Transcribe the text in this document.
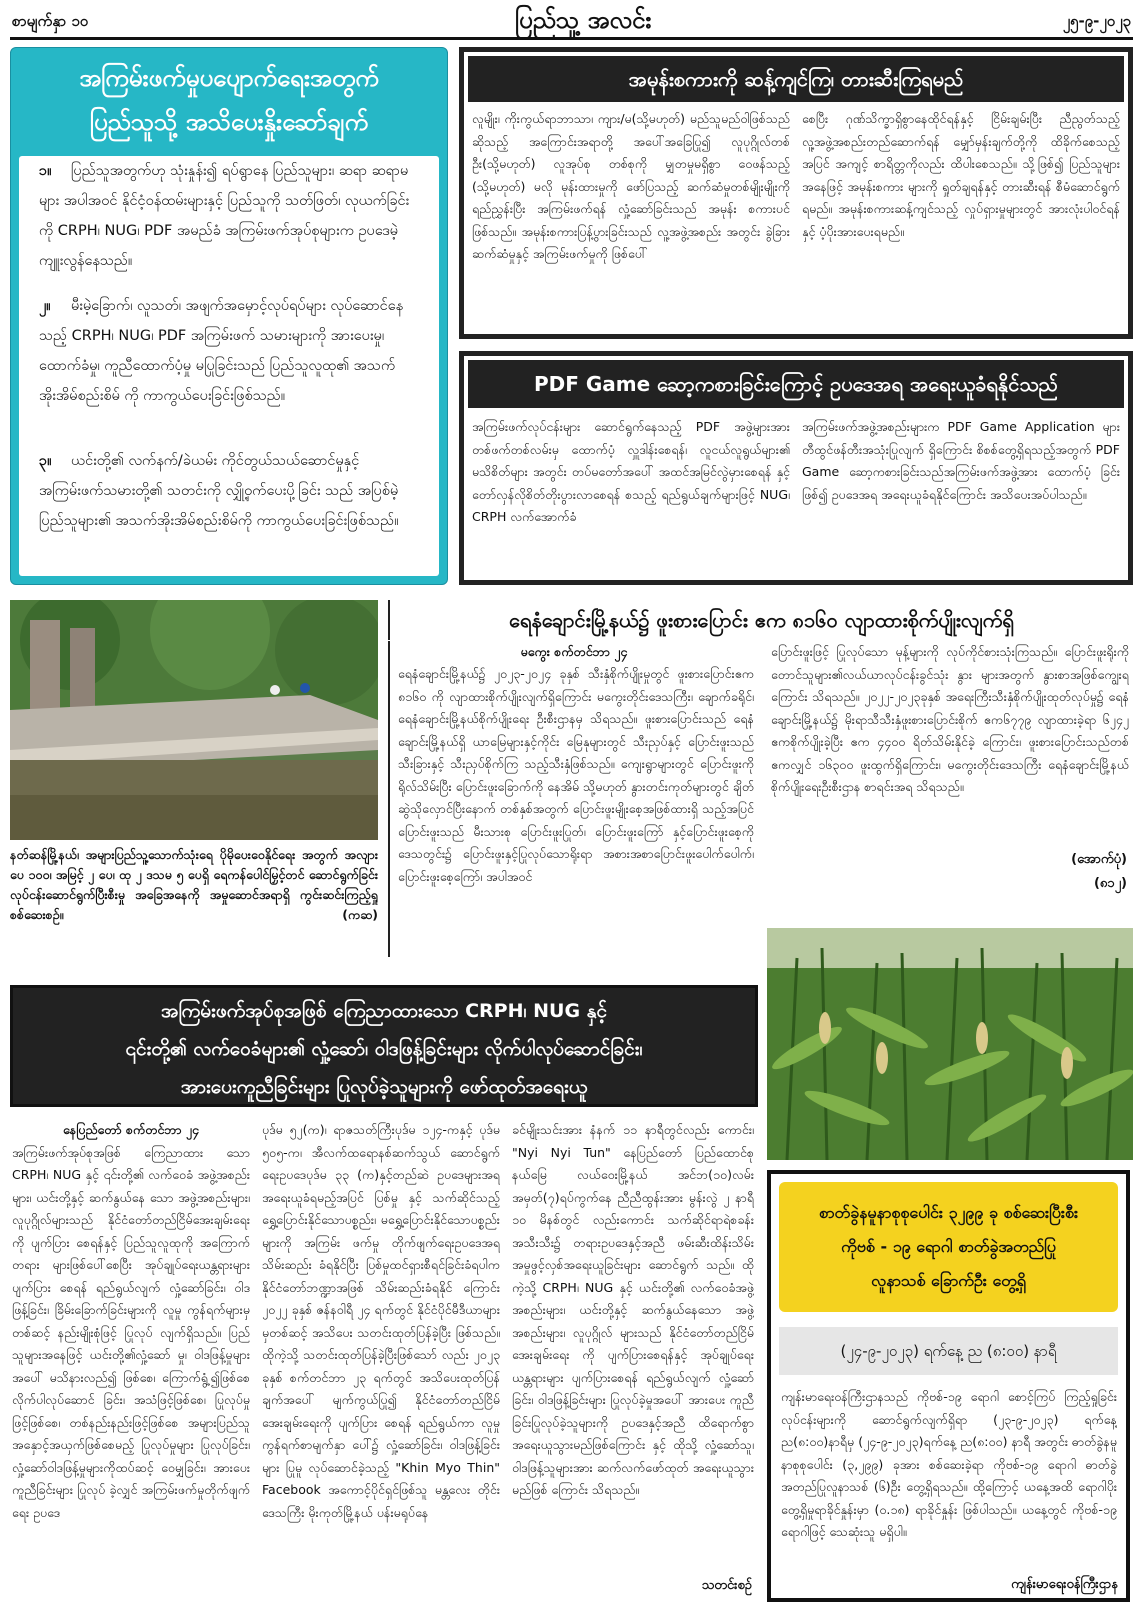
စာမျက်နှာ ၁၀	ပြည်သူ့ အလင်း	၂၅-၉-၂၀၂၃
အကြမ်းဖက်မှုပပျောက်ရေးအတွက်
ပြည်သူသို့ အသိပေးနှိုးဆော်ချက်
၁။ ပြည်သူအတွက်ဟု သုံးနှုန်း၍ ရပ်ရွာနေ ပြည်သူများ၊ ဆရာ ဆရာမများ အပါအဝင် နိုင်ငံ့ဝန်ထမ်းများနှင့် ပြည်သူကို သတ်ဖြတ်၊ လုယက်ခြင်းကို CRPH၊ NUG၊ PDF အမည်ခံ အကြမ်းဖက်အုပ်စုများက ဥပဒေမဲ့ကျူးလွန်နေသည်။
၂။ မီးမဲ့ခြောက်၊ လူသတ်၊ အဖျက်အမှောင့်လုပ်ရပ်များ လုပ်ဆောင်နေသည့် CRPH၊ NUG၊ PDF အကြမ်းဖက် သမားများကို အားပေးမှု၊ ထောက်ခံမှု၊ ကူညီထောက်ပံ့မှု မပြုခြင်းသည် ပြည်သူလူထု၏ အသက်အိုးအိမ်စည်းစိမ် ကို ကာကွယ်ပေးခြင်းဖြစ်သည်။
၃။ ယင်းတို့၏ လက်နက်/ခဲယမ်း ကိုင်တွယ်သယ်ဆောင်မှုနှင့် အကြမ်းဖက်သမားတို့၏ သတင်းကို လျှို့ဝှက်ပေးပို့ခြင်း သည် အပြစ်မဲ့ပြည်သူများ၏ အသက်အိုးအိမ်စည်းစိမ်ကို ကာကွယ်ပေးခြင်းဖြစ်သည်။
အမုန်းစကားကို ဆန့်ကျင်ကြ၊ တားဆီးကြရမည်
လူမျိုး၊ ကိုးကွယ်ရာဘာသာ၊ ကျား/မ(သို့မဟုတ်) မည်သူမည်ဝါဖြစ်သည်ဆိုသည့် အကြောင်းအရာတို့ အပေါ်အခြေပြု၍ လူပုဂ္ဂိုလ်တစ်ဦး(သို့မဟုတ်) လူအုပ်စု တစ်စုကို မျှတမှုမရှိစွာ ဝေဖန်သည့် (သို့မဟုတ်) မလို မုန်းထားမှုကို ဖော်ပြသည့် ဆက်ဆံမှုတစ်မျိုးမျိုးကို ရည်ညွှန်းပြီး အကြမ်းဖက်ရန် လှုံ့ဆော်ခြင်းသည် အမုန်း စကားပင်ဖြစ်သည်။ အမုန်းစကားပြန့်ပွားခြင်းသည် လူ့အဖွဲ့အစည်း အတွင်း ခွဲခြားဆက်ဆံမှုနှင့် အကြမ်းဖက်မှုကို ဖြစ်ပေါ်
စေပြီး ဂုဏ်သိက္ခာရှိစွာနေထိုင်ရန်နှင့် ငြိမ်းချမ်းပြီး ညီညွတ်သည့် လူ့အဖွဲ့အစည်းတည်ဆောက်ရန် မျှော်မှန်းချက်တို့ကို ထိခိုက်စေသည့်အပြင် အကျင့် စာရိတ္တကိုလည်း ထိပါးစေသည်။ သို့ဖြစ်၍ ပြည်သူများအနေဖြင့် အမုန်းစကား များကို ရှုတ်ချရန်နှင့် တားဆီးရန် စီမံဆောင်ရွက် ရမည်။ အမုန်းစကားဆန့်ကျင်သည့် လှုပ်ရှားမှုများတွင် အားလုံးပါဝင်ရန်နှင့် ပံ့ပိုးအားပေးရမည်။
PDF Game ဆော့ကစားခြင်းကြောင့် ဥပဒေအရ အရေးယူခံရနိုင်သည်
အကြမ်းဖက်လုပ်ငန်းများ ဆောင်ရွက်နေသည့် PDF အဖွဲ့များအား တစ်ဖက်တစ်လမ်းမှ ထောက်ပံ့ လှူဒါန်းစေရန်၊ လူငယ်လူရွယ်များ၏ မသိစိတ်များ အတွင်း တပ်မတော်အပေါ် အထင်အမြင်လွဲမှားစေရန် နှင့် တော်လှန်လိုစိတ်တိုးပွားလာစေရန် စသည့် ရည်ရွယ်ချက်များဖြင့် NUG၊ CRPH လက်အောက်ခံ
အကြမ်းဖက်အဖွဲ့အစည်းများက PDF Game Application များ တီထွင်ဖန်တီးအသုံးပြုလျက် ရှိကြောင်း စိစစ်တွေ့ရှိရသည့်အတွက် PDF Game ဆော့ကစားခြင်းသည်အကြမ်းဖက်အဖွဲ့အား ထောက်ပံ့ ခြင်းဖြစ်၍ ဥပဒေအရ အရေးယူခံရနိုင်ကြောင်း အသိပေးအပ်ပါသည်။
နတ်ဆန်မြို့နယ်၊ အများပြည်သူ့သောက်သုံးရေ ပိုမိုပေးဝေနိုင်ရေး အတွက် အလျား ပေ ၁၀၀၊ အမြင့် ၂ ပေ၊ ထု ၂ ဒသမ ၅ ပေရှိ ရေကန်ပေါင်မြှင့်တင် ဆောင်ရွက်ခြင်းလုပ်ငန်းဆောင်ရွက်ပြီးစီးမှု အခြေအနေကို အမှုဆောင်အရာရှိ ကွင်းဆင်းကြည့်ရှုစစ်ဆေးစဉ်။	(ကဆ)
ရေနံချောင်းမြို့နယ်၌ ဖူးစားပြောင်း ဧက ၈၁၆၀ လျာထားစိုက်ပျိုးလျက်ရှိ
မကွေး စက်တင်ဘာ ၂၄
ရေနံချောင်းမြို့နယ်၌ ၂၀၂၃-၂၀၂၄ ခုနှစ် သီးနှံစိုက်ပျိုးမှုတွင် ဖူးစားပြောင်းဧက ၈၁၆၀ ကို လျာထားစိုက်ပျိုးလျက်ရှိကြောင်း မကွေးတိုင်းဒေသကြီး၊ ချောက်ခရိုင်၊ ရေနံချောင်းမြို့နယ်စိုက်ပျိုးရေး ဦးစီးဌာနမှ သိရသည်။ ဖူးစားပြောင်းသည် ရေနံချောင်းမြို့နယ်ရှိ ယာမြေများနှင့်ကိုင်း မြေနုများတွင် သီးညှပ်နှင့် ပြောင်းဖူးသည်သီးခြားနှင့် သီးညှပ်စိုက်ကြ သည့်သီးနှံဖြစ်သည်။ ကျေးရွာများတွင် ပြောင်းဖူးကို ရိုလ်သိမ်းပြီး ပြောင်းဖူးခြောက်ကို နေအိမ် သို့မဟုတ် နွားတင်းကုတ်များတွင် ချိတ် ဆွဲသိုလှောင်ပြီးနောက် တစ်နှစ်အတွက် ပြောင်းဖူးမျိုးစေ့အဖြစ်ထားရှိ သည့်အပြင် ပြောင်းဖူးသည် မီးသားစု ပြောင်းဖူးပြုတ်၊ ပြောင်းဖူးကြော် နှင့်ပြောင်းဖူးစေ့ကိုဒေသတွင်း၌ ပြောင်းဖူးနှင့်ပြုလုပ်သောရိုးရာ အစားအစာပြောင်းဖူးပေါက်ပေါက်၊ ပြောင်းဖူးစေ့ကြော်၊ အပါအဝင်
ပြောင်းဖူးဖြင့် ပြုလုပ်သော မုန့်များကို လုပ်ကိုင်စားသုံးကြသည်။ ပြောင်းဖူးရိုးကို တောင်သူများ၏လယ်ယာလုပ်ငန်းခွင်သုံး နွား များအတွက် နွားစာအဖြစ်ကျွေးရကြောင်း သိရသည်။ ၂၀၂၂-၂၀၂၃ခုနှစ် အရေးကြီးသီးနှံစိုက်ပျိုးထုတ်လုပ်မှု၌ ရေနံချောင်းမြို့နယ်၌ မိုးရာသီသီးနှံဖူးစားပြောင်းစိုက် ဧက၆၇၇၉ လျာထားခဲ့ရာ ၆၂၄၂ ဧကစိုက်ပျိုးခဲ့ပြီး ဧက ၄၄၀၀ ရိတ်သိမ်းနိုင်ခဲ့ ကြောင်း၊ ဖူးစားပြောင်းသည်တစ်ဧကလျှင် ၁၆၃၀၀ ဖူးထွက်ရှိကြောင်း၊ မကွေးတိုင်းဒေသကြီး ရေနံချောင်းမြို့နယ်စိုက်ပျိုးရေးဦးစီးဌာန စာရင်းအရ သိရသည်။
(အောက်ပုံ)
(၈၁၂)
အကြမ်းဖက်အုပ်စုအဖြစ် ကြေညာထားသော CRPH၊ NUG နှင့်
၎င်းတို့၏ လက်ဝေခံများ၏ လှုံ့ဆော်၊ ဝါဒဖြန့်ခြင်းများ လိုက်ပါလုပ်ဆောင်ခြင်း၊
အားပေးကူညီခြင်းများ ပြုလုပ်ခဲ့သူများကို ဖော်ထုတ်အရေးယူ
နေပြည်တော် စက်တင်ဘာ ၂၄
အကြမ်းဖက်အုပ်စုအဖြစ် ကြေညာထား သော CRPH၊ NUG နှင့် ၎င်းတို့၏ လက်ဝေခံ အဖွဲ့အစည်းများ၊ ယင်းတို့နှင့် ဆက်နွယ်နေ သော အဖွဲ့အစည်းများ၊ လူပုဂ္ဂိုလ်များသည် နိုင်ငံတော်တည်ငြိမ်အေးချမ်းရေးကို ပျက်ပြား စေရန်နှင့် ပြည်သူလူထုကို အကြောက်တရား များဖြစ်ပေါ်စေပြီး အုပ်ချုပ်ရေးယန္တရားများ ပျက်ပြား စေရန် ရည်ရွယ်လျက် လှုံ့ဆော်ခြင်း၊ ဝါဒ ဖြန့်ခြင်း၊ ခြိမ်းခြောက်ခြင်းများကို လူမှု ကွန်ရက်များမှတစ်ဆင့် နည်းမျိုးစုံဖြင့် ပြုလုပ် လျက်ရှိသည်။ ပြည်သူများအနေဖြင့် ယင်းတို့၏လှုံ့ဆော် မှု၊ ဝါဒဖြန့်မှုများအပေါ် မသိနားလည်၍ ဖြစ်စေ၊ ကြောက်ရွံ့၍ဖြစ်စေ လိုက်ပါလုပ်ဆောင် ခြင်း၊ အသံဖြင့်ဖြစ်စေ၊ ပြုလုပ်မှုဖြင့်ဖြစ်စေ၊ တစ်နည်းနည်းဖြင့်ဖြစ်စေ အများပြည်သူ အနှောင့်အယှက်ဖြစ်စေမည့် ပြုလုပ်မှုများ ပြုလုပ်ခြင်း၊ လှုံ့ဆော်ဝါဒဖြန့်မှုများကိုထပ်ဆင့် ဝေမျှခြင်း၊ အားပေးကူညီခြင်းများ ပြုလုပ် ခဲ့လျှင် အကြမ်းဖက်မှုတိုက်ဖျက်ရေး ဥပဒေ
ပုဒ်မ ၅၂(က)၊ ရာဇသတ်ကြီးပုဒ်မ ၁၂၄-ကနှင့် ပုဒ်မ ၅၀၅-က၊ အီလက်ထရောနစ်ဆက်သွယ် ဆောင်ရွက်ရေးဥပဒေပုဒ်မ ၃၃ (က)နှင့်တည်ဆဲ ဥပဒေများအရ အရေးယူခံရမည့်အပြင် ပြစ်မှု နှင့် သက်ဆိုင်သည့် ရွှေ့ပြောင်းနိုင်သောပစ္စည်း၊ မရွှေ့ပြောင်းနိုင်သောပစ္စည်းများကို အကြမ်း ဖက်မှု တိုက်ဖျက်ရေးဥပဒေအရ သိမ်းဆည်း ခံရနိုင်ပြီး ပြစ်မှုထင်ရှားစီရင်ခြင်းခံရပါက နိုင်ငံတော်ဘဏ္ဍာအဖြစ် သိမ်းဆည်းခံရနိုင် ကြောင်း ၂၀၂၂ ခုနှစ် ဇန်နဝါရီ ၂၄ ရက်တွင် နိုင်ငံပိုင်မီဒီယာများမှတစ်ဆင့် အသိပေး သတင်းထုတ်ပြန်ခဲ့ပြီး ဖြစ်သည်။ ထိုကဲ့သို့ သတင်းထုတ်ပြန်ခဲ့ပြီးဖြစ်သော် လည်း ၂၀၂၃ ခုနှစ် စက်တင်ဘာ ၂၃ ရက်တွင် အသိပေးထုတ်ပြန်ချက်အပေါ် မျက်ကွယ်ပြု၍ နိုင်ငံတော်တည်ငြိမ်အေးချမ်းရေးကို ပျက်ပြား စေရန် ရည်ရွယ်ကာ လူမှုကွန်ရက်စာမျက်နှာ ပေါ်၌ လှုံ့ဆော်ခြင်း၊ ဝါဒဖြန့်ခြင်းများ ပြုမူ လုပ်ဆောင်ခဲ့သည့် "Khin Myo Thin" Facebook အကောင့်ပိုင်ရှင်ဖြစ်သူ မန္တလေး တိုင်းဒေသကြီး မိုးကုတ်မြို့နယ် ပန်းမရုပ်နေ
ခင်မျိုးသင်းအား နံနက် ၁၁ နာရီတွင်လည်း ကောင်း၊ "Nyi Nyi Tun" နေပြည်တော် ပြည်ထောင်စုနယ်မြေ လယ်ဝေးမြို့နယ် အင်ဘ(၁၀)လမ်း အမှတ်(၇)ရပ်ကွက်နေ ညီညီထွန်းအား မွန်းလွဲ ၂ နာရီ ၁၀ မိနစ်တွင် လည်းကောင်း သက်ဆိုင်ရာရဲစခန်းအသီးသီး၌ တရားဥပဒေနှင့်အညီ ဖမ်းဆီးထိန်းသိမ်း အမှုဖွင့်လှစ်အရေးယူခြင်းများ ဆောင်ရွက် သည်။ ထိုကဲ့သို့ CRPH၊ NUG နှင့် ယင်းတို့၏ လက်ဝေခံအဖွဲ့အစည်းများ၊ ယင်းတို့နှင့် ဆက်နွယ်နေသော အဖွဲ့အစည်းများ၊ လူပုဂ္ဂိုလ် များသည် နိုင်ငံတော်တည်ငြိမ်အေးချမ်းရေး ကို ပျက်ပြားစေရန်နှင့် အုပ်ချုပ်ရေးယန္တရားများ ပျက်ပြားစေရန် ရည်ရွယ်လျက် လှုံ့ဆော်ခြင်း၊ ဝါဒဖြန့်ခြင်းများ ပြုလုပ်ခဲ့မှုအပေါ် အားပေး ကူညီခြင်းပြုလုပ်ခဲ့သူများကို ဥပဒေနှင့်အညီ ထိရောက်စွာ အရေးယူသွားမည်ဖြစ်ကြောင်း နှင့် ထိုသို့ လှုံ့ဆော်သူ၊ ဝါဒဖြန့်သူများအား ဆက်လက်ဖော်ထုတ် အရေးယူသွားမည်ဖြစ် ကြောင်း သိရသည်။
သတင်းစဉ်
စာတ်ခွဲနမူနာစုစုပေါင်း ၃၂၉၉ ခု စစ်ဆေးပြီးစီး
ကိုဗစ် - ၁၉ ရောဂါ စာတ်ခွဲအတည်ပြု
လူနာသစ် ခြောက်ဦး တွေ့ရှိ
(၂၄-၉-၂၀၂၃) ရက်နေ့ ည (၈:၀၀) နာရီ
ကျန်းမာရေးဝန်ကြီးဌာနသည် ကိုဗစ်-၁၉ ရောဂါ စောင့်ကြပ် ကြည့်ရှုခြင်းလုပ်ငန်းများကို ဆောင်ရွက်လျက်ရှိရာ (၂၃-၉-၂၀၂၃) ရက်နေ့ ည(၈:၀၀)နာရီမှ (၂၄-၉-၂၀၂၃)ရက်နေ့ ည(၈:၀၀) နာရီ အတွင်း ဓာတ်ခွဲနမူနာစုစုပေါင်း (၃,၂၉၉) ခုအား စစ်ဆေးခဲ့ရာ ကိုဗစ်-၁၉ ရောဂါ ဓာတ်ခွဲအတည်ပြုလူနာသစ် (၆)ဦး တွေ့ရှိရသည်။ ထို့ကြောင့် ယနေ့အထိ ရောဂါပိုးတွေ့ရှိမှုရာခိုင်နှုန်းမှာ (၀.၁၈) ရာခိုင်နှုန်း ဖြစ်ပါသည်။ ယနေ့တွင် ကိုဗစ်-၁၉ ရောဂါဖြင့် သေဆုံးသူ မရှိပါ။
ကျန်းမာရေးဝန်ကြီးဌာန
